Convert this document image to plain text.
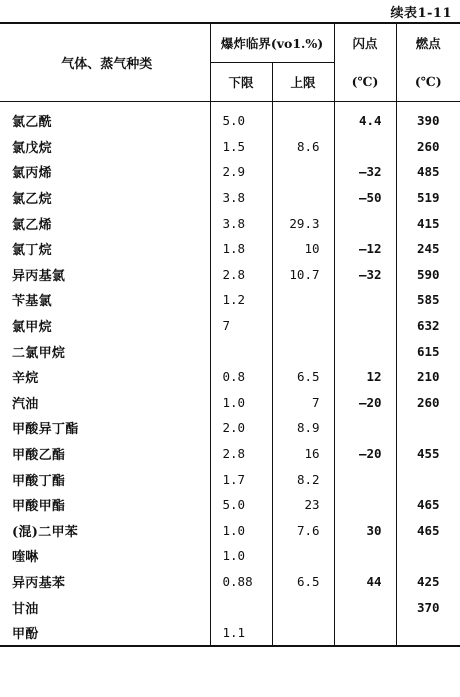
续表1-11
气体、蒸气种类	爆炸临界(vo1.%)		闪点	燃点
	下限	上限	(℃)	(℃)
氯乙酰	5.0		4.4	390
氯戊烷	1.5	8.6		260
氯丙烯	2.9		—32	485
氯乙烷	3.8		—50	519
氯乙烯	3.8	29.3		415
氯丁烷	1.8	10	—12	245
异丙基氯	2.8	10.7	—32	590
苄基氯	1.2			585
氯甲烷	7			632
二氯甲烷				615
辛烷	0.8	6.5	12	210
汽油	1.0	7	—20	260
甲酸异丁酯	2.0	8.9		
甲酸乙酯	2.8	16	—20	455
甲酸丁酯	1.7	8.2		
甲酸甲酯	5.0	23		465
(混)二甲苯	1.0	7.6	30	465
喹啉	1.0			
异丙基苯	0.88	6.5	44	425
甘油				370
甲酚	1.1			
